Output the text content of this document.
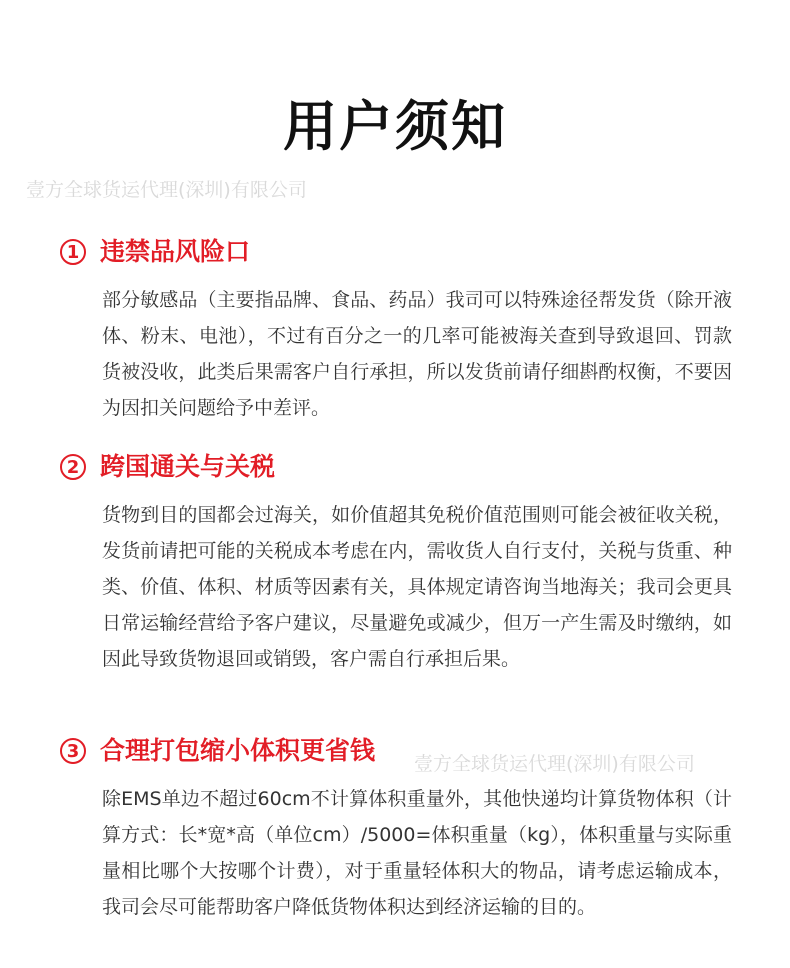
用户须知
壹方全球货运代理(深圳)有限公司
壹方全球货运代理(深圳)有限公司
1 违禁品风险口
部分敏感品（主要指品牌、食品、药品）我司可以特殊途径帮发货（除开液体、粉末、电池），不过有百分之一的几率可能被海关查到导致退回、罚款货被没收，此类后果需客户自行承担，所以发货前请仔细斟酌权衡，不要因为因扣关问题给予中差评。
2 跨国通关与关税
货物到目的国都会过海关，如价值超其免税价值范围则可能会被征收关税，发货前请把可能的关税成本考虑在内，需收货人自行支付，关税与货重、种类、价值、体积、材质等因素有关，具体规定请咨询当地海关；我司会更具日常运输经营给予客户建议，尽量避免或减少，但万一产生需及时缴纳，如因此导致货物退回或销毁，客户需自行承担后果。
3 合理打包缩小体积更省钱
除EMS单边不超过60cm不计算体积重量外，其他快递均计算货物体积（计算方式：长*宽*高（单位cm）/5000=体积重量（kg），体积重量与实际重量相比哪个大按哪个计费），对于重量轻体积大的物品，请考虑运输成本，我司会尽可能帮助客户降低货物体积达到经济运输的目的。
